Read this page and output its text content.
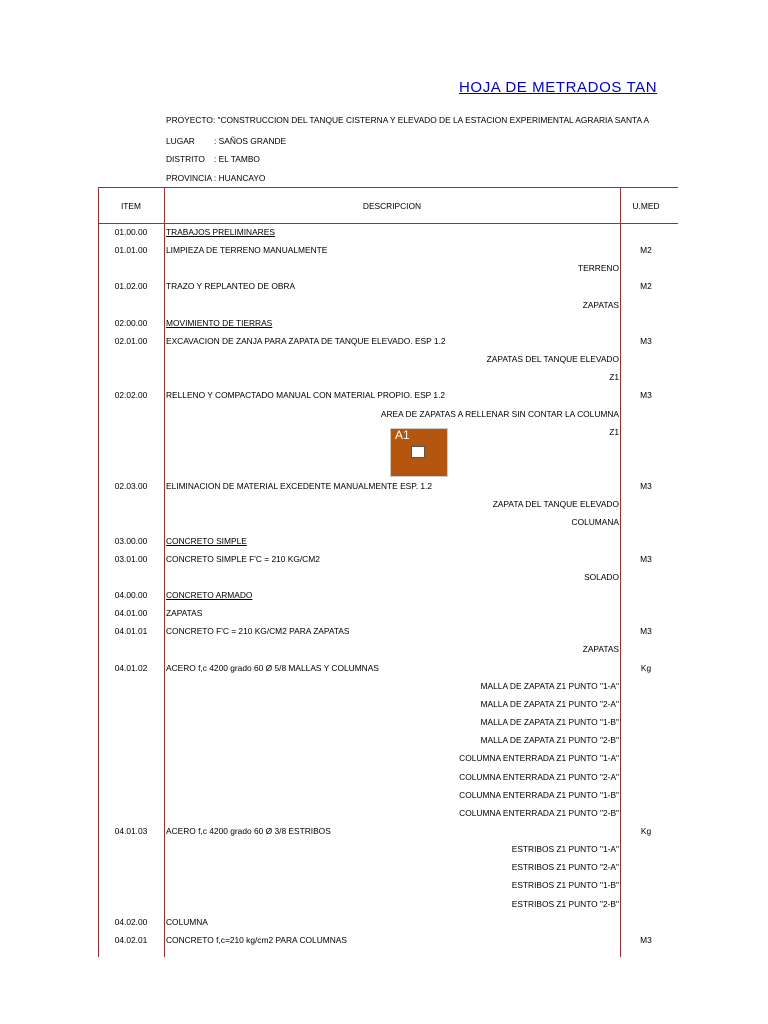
HOJA DE METRADOS TAN
PROYECTO: "CONSTRUCCION DEL TANQUE CISTERNA Y ELEVADO DE LA ESTACION EXPERIMENTAL AGRARIA SANTA A
LUGAR : SAÑOS GRANDE
DISTRITO : EL TAMBO
PROVINCIA : HUANCAYO
ITEM	DESCRIPCION	U.MED
01.00.00	TRABAJOS PRELIMINARES
01.01.00	LIMPIEZA DE TERRENO MANUALMENTE	M2
TERRENO
01.02.00	TRAZO Y REPLANTEO DE OBRA	M2
ZAPATAS
02.00.00	MOVIMIENTO DE TIERRAS
02.01.00	EXCAVACION DE ZANJA PARA ZAPATA DE TANQUE ELEVADO. ESP 1.2	M3
ZAPATAS DEL TANQUE ELEVADO
Z1
02.02.00	RELLENO Y COMPACTADO MANUAL CON MATERIAL PROPIO. ESP 1.2	M3
AREA DE ZAPATAS A RELLENAR SIN CONTAR LA COLUMNA
Z1
02.03.00	ELIMINACION DE MATERIAL EXCEDENTE MANUALMENTE ESP. 1.2	M3
ZAPATA DEL TANQUE ELEVADO
COLUMANA
03.00.00	CONCRETO SIMPLE
03.01.00	CONCRETO SIMPLE F'C = 210 KG/CM2	M3
SOLADO
04.00.00	CONCRETO ARMADO
04.01.00	ZAPATAS
04.01.01	CONCRETO F'C = 210 KG/CM2 PARA ZAPATAS	M3
ZAPATAS
04.01.02	ACERO f,c 4200 grado 60 Ø 5/8 MALLAS Y COLUMNAS	Kg
MALLA DE ZAPATA Z1 PUNTO "1-A"
MALLA DE ZAPATA Z1 PUNTO "2-A"
MALLA DE ZAPATA Z1 PUNTO "1-B"
MALLA DE ZAPATA Z1 PUNTO "2-B"
COLUMNA ENTERRADA Z1 PUNTO "1-A"
COLUMNA ENTERRADA Z1 PUNTO "2-A"
COLUMNA ENTERRADA Z1 PUNTO "1-B"
COLUMNA ENTERRADA Z1 PUNTO "2-B"
04.01.03	ACERO f,c 4200 grado 60 Ø 3/8 ESTRIBOS	Kg
ESTRIBOS Z1 PUNTO "1-A"
ESTRIBOS Z1 PUNTO "2-A"
ESTRIBOS Z1 PUNTO "1-B"
ESTRIBOS Z1 PUNTO "2-B"
04.02.00	COLUMNA
04.02.01	CONCRETO f,c=210 kg/cm2 PARA COLUMNAS	M3
A1
